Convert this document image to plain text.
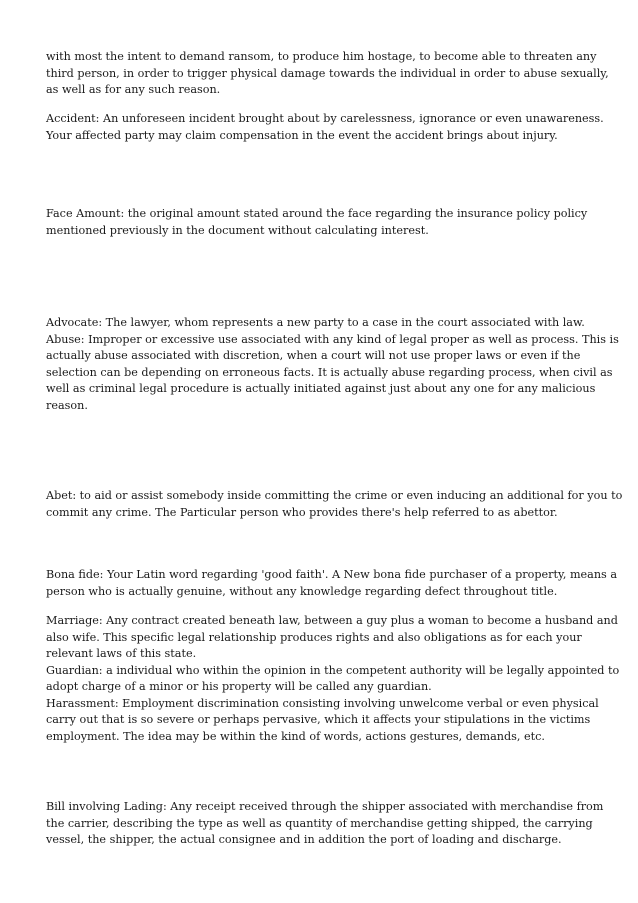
with most the intent to demand ransom, to produce him hostage, to become able to threaten any
third person, in order to trigger physical damage towards the individual in order to abuse sexually,
as well as for any such reason.

Accident: An unforeseen incident brought about by carelessness, ignorance or even unawareness.
Your affected party may claim compensation in the event the accident brings about injury.

Face Amount: the original amount stated around the face regarding the insurance policy policy
mentioned previously in the document without calculating interest.

Advocate: The lawyer, whom represents a new party to a case in the court associated with law.
Abuse: Improper or excessive use associated with any kind of legal proper as well as process. This is
actually abuse associated with discretion, when a court will not use proper laws or even if the
selection can be depending on erroneous facts. It is actually abuse regarding process, when civil as
well as criminal legal procedure is actually initiated against just about any one for any malicious
reason.

Abet: to aid or assist somebody inside committing the crime or even inducing an additional for you to
commit any crime. The Particular person who provides there's help referred to as abettor.

Bona fide: Your Latin word regarding 'good faith'. A New bona fide purchaser of a property, means a
person who is actually genuine, without any knowledge regarding defect throughout title.

Marriage: Any contract created beneath law, between a guy plus a woman to become a husband and
also wife. This specific legal relationship produces rights and also obligations as for each your
relevant laws of this state.
Guardian: a individual who within the opinion in the competent authority will be legally appointed to
adopt charge of a minor or his property will be called any guardian.
Harassment: Employment discrimination consisting involving unwelcome verbal or even physical
carry out that is so severe or perhaps pervasive, which it affects your stipulations in the victims
employment. The idea may be within the kind of words, actions gestures, demands, etc.

Bill involving Lading: Any receipt received through the shipper associated with merchandise from
the carrier, describing the type as well as quantity of merchandise getting shipped, the carrying
vessel, the shipper, the actual consignee and in addition the port of loading and discharge.
